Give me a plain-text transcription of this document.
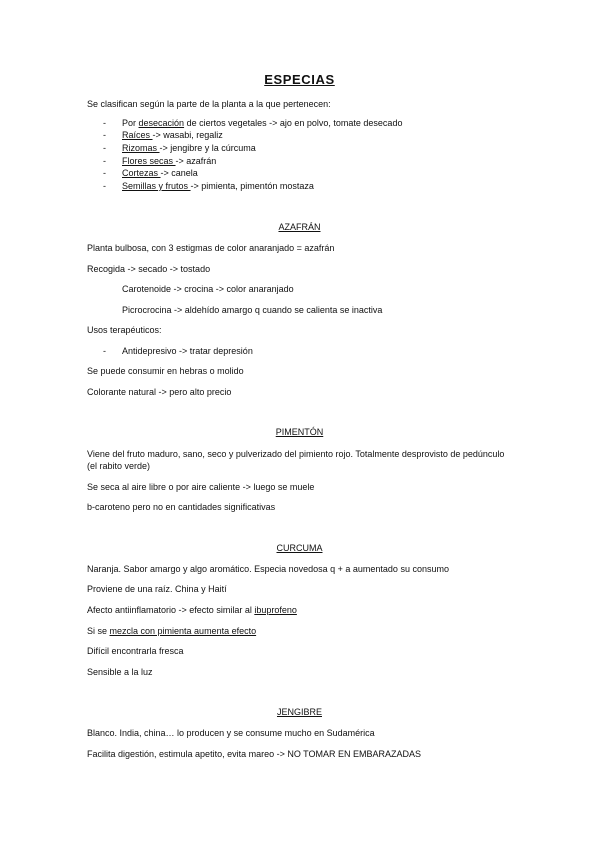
ESPECIAS
Se clasifican según la parte de la planta a la que pertenecen:
- Por desecación de ciertos vegetales -> ajo en polvo, tomate desecado
- Raíces -> wasabi, regaliz
- Rizomas -> jengibre y la cúrcuma
- Flores secas -> azafrán
- Cortezas -> canela
- Semillas y frutos -> pimienta, pimentón mostaza
AZAFRÁN
Planta bulbosa, con 3 estigmas de color anaranjado = azafrán
Recogida -> secado -> tostado
Carotenoide -> crocina -> color anaranjado
Picrocrocina -> aldehído amargo q cuando se calienta se inactiva
Usos terapéuticos:
- Antidepresivo -> tratar depresión
Se puede consumir en hebras o molido
Colorante natural -> pero alto precio
PIMENTÓN
Viene del fruto maduro, sano, seco y pulverizado del pimiento rojo. Totalmente desprovisto de pedúnculo (el rabito verde)
Se seca al aire libre o por aire caliente -> luego se muele
b-caroteno pero no en cantidades significativas
CURCUMA
Naranja. Sabor amargo y algo aromático. Especia novedosa q + a aumentado su consumo
Proviene de una raíz. China y Haití
Afecto antiinflamatorio -> efecto similar al ibuprofeno
Si se mezcla con pimienta aumenta efecto
Difícil encontrarla fresca
Sensible a la luz
JENGIBRE
Blanco. India, china… lo producen y se consume mucho en Sudamérica
Facilita digestión, estimula apetito, evita mareo -> NO TOMAR EN EMBARAZADAS
